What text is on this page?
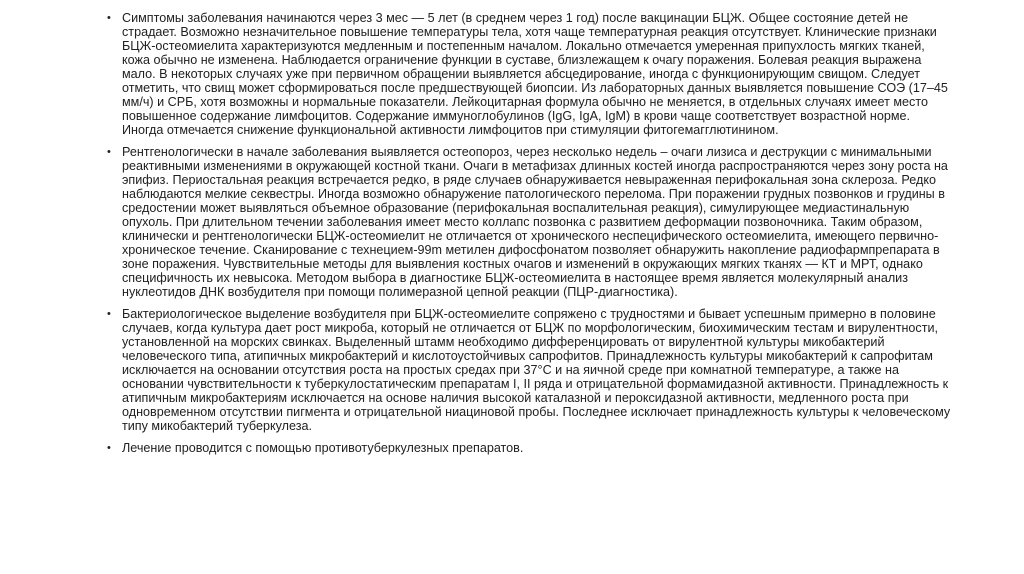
• Симптомы заболевания начинаются через 3 мес — 5 лет (в среднем через 1 год) после вакцинации БЦЖ. Общее состояние детей не страдает. Возможно незначительное повышение температуры тела, хотя чаще температурная реакция отсутствует. Клинические признаки БЦЖ-остеомиелита характеризуются медленным и постепенным началом. Локально отмечается умеренная припухлость мягких тканей, кожа обычно не изменена. Наблюдается ограничение функции в суставе, близлежащем к очагу поражения. Болевая реакция выражена мало. В некоторых случаях уже при первичном обращении выявляется абсцедирование, иногда с функционирующим свищом. Следует отметить, что свищ может сформироваться после предшествующей биопсии. Из лабораторных данных выявляется повышение СОЭ (17–45 мм/ч) и СРБ, хотя возможны и нормальные показатели. Лейкоцитарная формула обычно не меняется, в отдельных случаях имеет место повышенное содержание лимфоцитов. Содержание иммуноглобулинов (IgG, IgA, IgM) в крови чаще соответствует возрастной норме. Иногда отмечается снижение функциональной активности лимфоцитов при стимуляции фитогемагглютинином.

• Рентгенологически в начале заболевания выявляется остеопороз, через несколько недель – очаги лизиса и деструкции с минимальными реактивными изменениями в окружающей костной ткани. Очаги в метафизах длинных костей иногда распространяются через зону роста на эпифиз. Периостальная реакция встречается редко, в ряде случаев обнаруживается невыраженная перифокальная зона склероза. Редко наблюдаются мелкие секвестры. Иногда возможно обнаружение патологического перелома. При поражении грудных позвонков и грудины в средостении может выявляться объемное образование (перифокальная воспалительная реакция), симулирующее медиастинальную опухоль. При длительном течении заболевания имеет место коллапс позвонка с развитием деформации позвоночника. Таким образом, клинически и рентгенологически БЦЖ-остеомиелит не отличается от хронического неспецифического остеомиелита, имеющего первично-хроническое течение. Сканирование с технецием-99m метилен дифосфонатом позволяет обнаружить накопление радиофармпрепарата в зоне поражения. Чувствительные методы для выявления костных очагов и изменений в окружающих мягких тканях — КТ и МРТ, однако специфичность их невысока. Методом выбора в диагностике БЦЖ-остеомиелита в настоящее время является молекулярный анализ нуклеотидов ДНК возбудителя при помощи полимеразной цепной реакции (ПЦР-диагностика).

• Бактериологическое выделение возбудителя при БЦЖ-остеомиелите сопряжено с трудностями и бывает успешным примерно в половине случаев, когда культура дает рост микроба, который не отличается от БЦЖ по морфологическим, биохимическим тестам и вирулентности, установленной на морских свинках. Выделенный штамм необходимо дифференцировать от вирулентной культуры микобактерий человеческого типа, атипичных микробактерий и кислотоустойчивых сапрофитов. Принадлежность культуры микобактерий к сапрофитам исключается на основании отсутствия роста на простых средах при 37°С и на яичной среде при комнатной температуре, а также на основании чувствительности к туберкулостатическим препаратам I, II ряда и отрицательной формамидазной активности. Принадлежность к атипичным микробактериям исключается на основе наличия высокой каталазной и пероксидазной активности, медленного роста при одновременном отсутствии пигмента и отрицательной ниациновой пробы. Последнее исключает принадлежность культуры к человеческому типу микобактерий туберкулеза.

• Лечение проводится с помощью противотуберкулезных препаратов.
